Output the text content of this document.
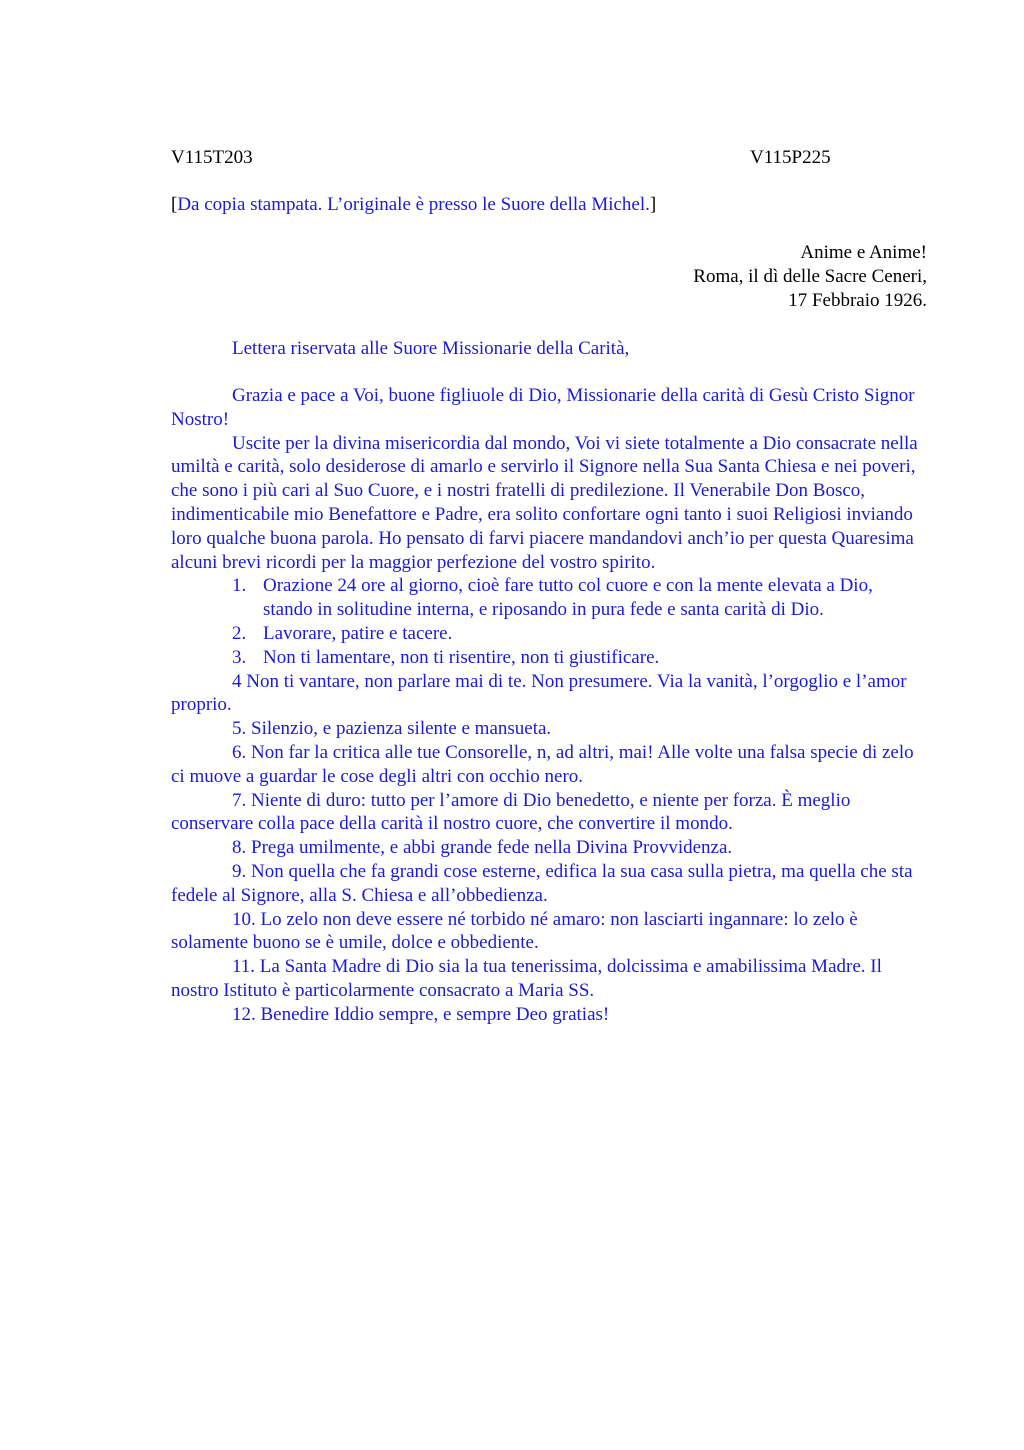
V115T203	V115P225
[Da copia stampata. L’originale è presso le Suore della Michel.]
Anime e Anime!
Roma, il dì delle Sacre Ceneri,
17 Febbraio 1926.
Lettera riservata alle Suore Missionarie della Carità,

Grazia e pace a Voi, buone figliuole di Dio, Missionarie della carità di Gesù Cristo Signor Nostro!

Uscite per la divina misericordia dal mondo, Voi vi siete totalmente a Dio consacrate nella umiltà e carità, solo desiderose di amarlo e servirlo il Signore nella Sua Santa Chiesa e nei poveri, che sono i più cari al Suo Cuore, e i nostri fratelli di predilezione. Il Venerabile Don Bosco, indimenticabile mio Benefattore e Padre, era solito confortare ogni tanto i suoi Religiosi inviando loro qualche buona parola. Ho pensato di farvi piacere mandandovi anch’io per questa Quaresima alcuni brevi ricordi per la maggior perfezione del vostro spirito.

1. Orazione 24 ore al giorno, cioè fare tutto col cuore e con la mente elevata a Dio, stando in solitudine interna, e riposando in pura fede e santa carità di Dio.

2. Lavorare, patire e tacere.

3. Non ti lamentare, non ti risentire, non ti giustificare.

4 Non ti vantare, non parlare mai di te. Non presumere. Via la vanità, l’orgoglio e l’amor proprio.

5. Silenzio, e pazienza silente e mansueta.

6. Non far la critica alle tue Consorelle, n, ad altri, mai! Alle volte una falsa specie di zelo ci muove a guardar le cose degli altri con occhio nero.

7. Niente di duro: tutto per l’amore di Dio benedetto, e niente per forza. È meglio conservare colla pace della carità il nostro cuore, che convertire il mondo.

8. Prega umilmente, e abbi grande fede nella Divina Provvidenza.

9. Non quella che fa grandi cose esterne, edifica la sua casa sulla pietra, ma quella che sta fedele al Signore, alla S. Chiesa e all’obbedienza.

10. Lo zelo non deve essere né torbido né amaro: non lasciarti ingannare: lo zelo è solamente buono se è umile, dolce e obbediente.

11. La Santa Madre di Dio sia la tua tenerissima, dolcissima e amabilissima Madre. Il nostro Istituto è particolarmente consacrato a Maria SS.

12. Benedire Iddio sempre, e sempre Deo gratias!
